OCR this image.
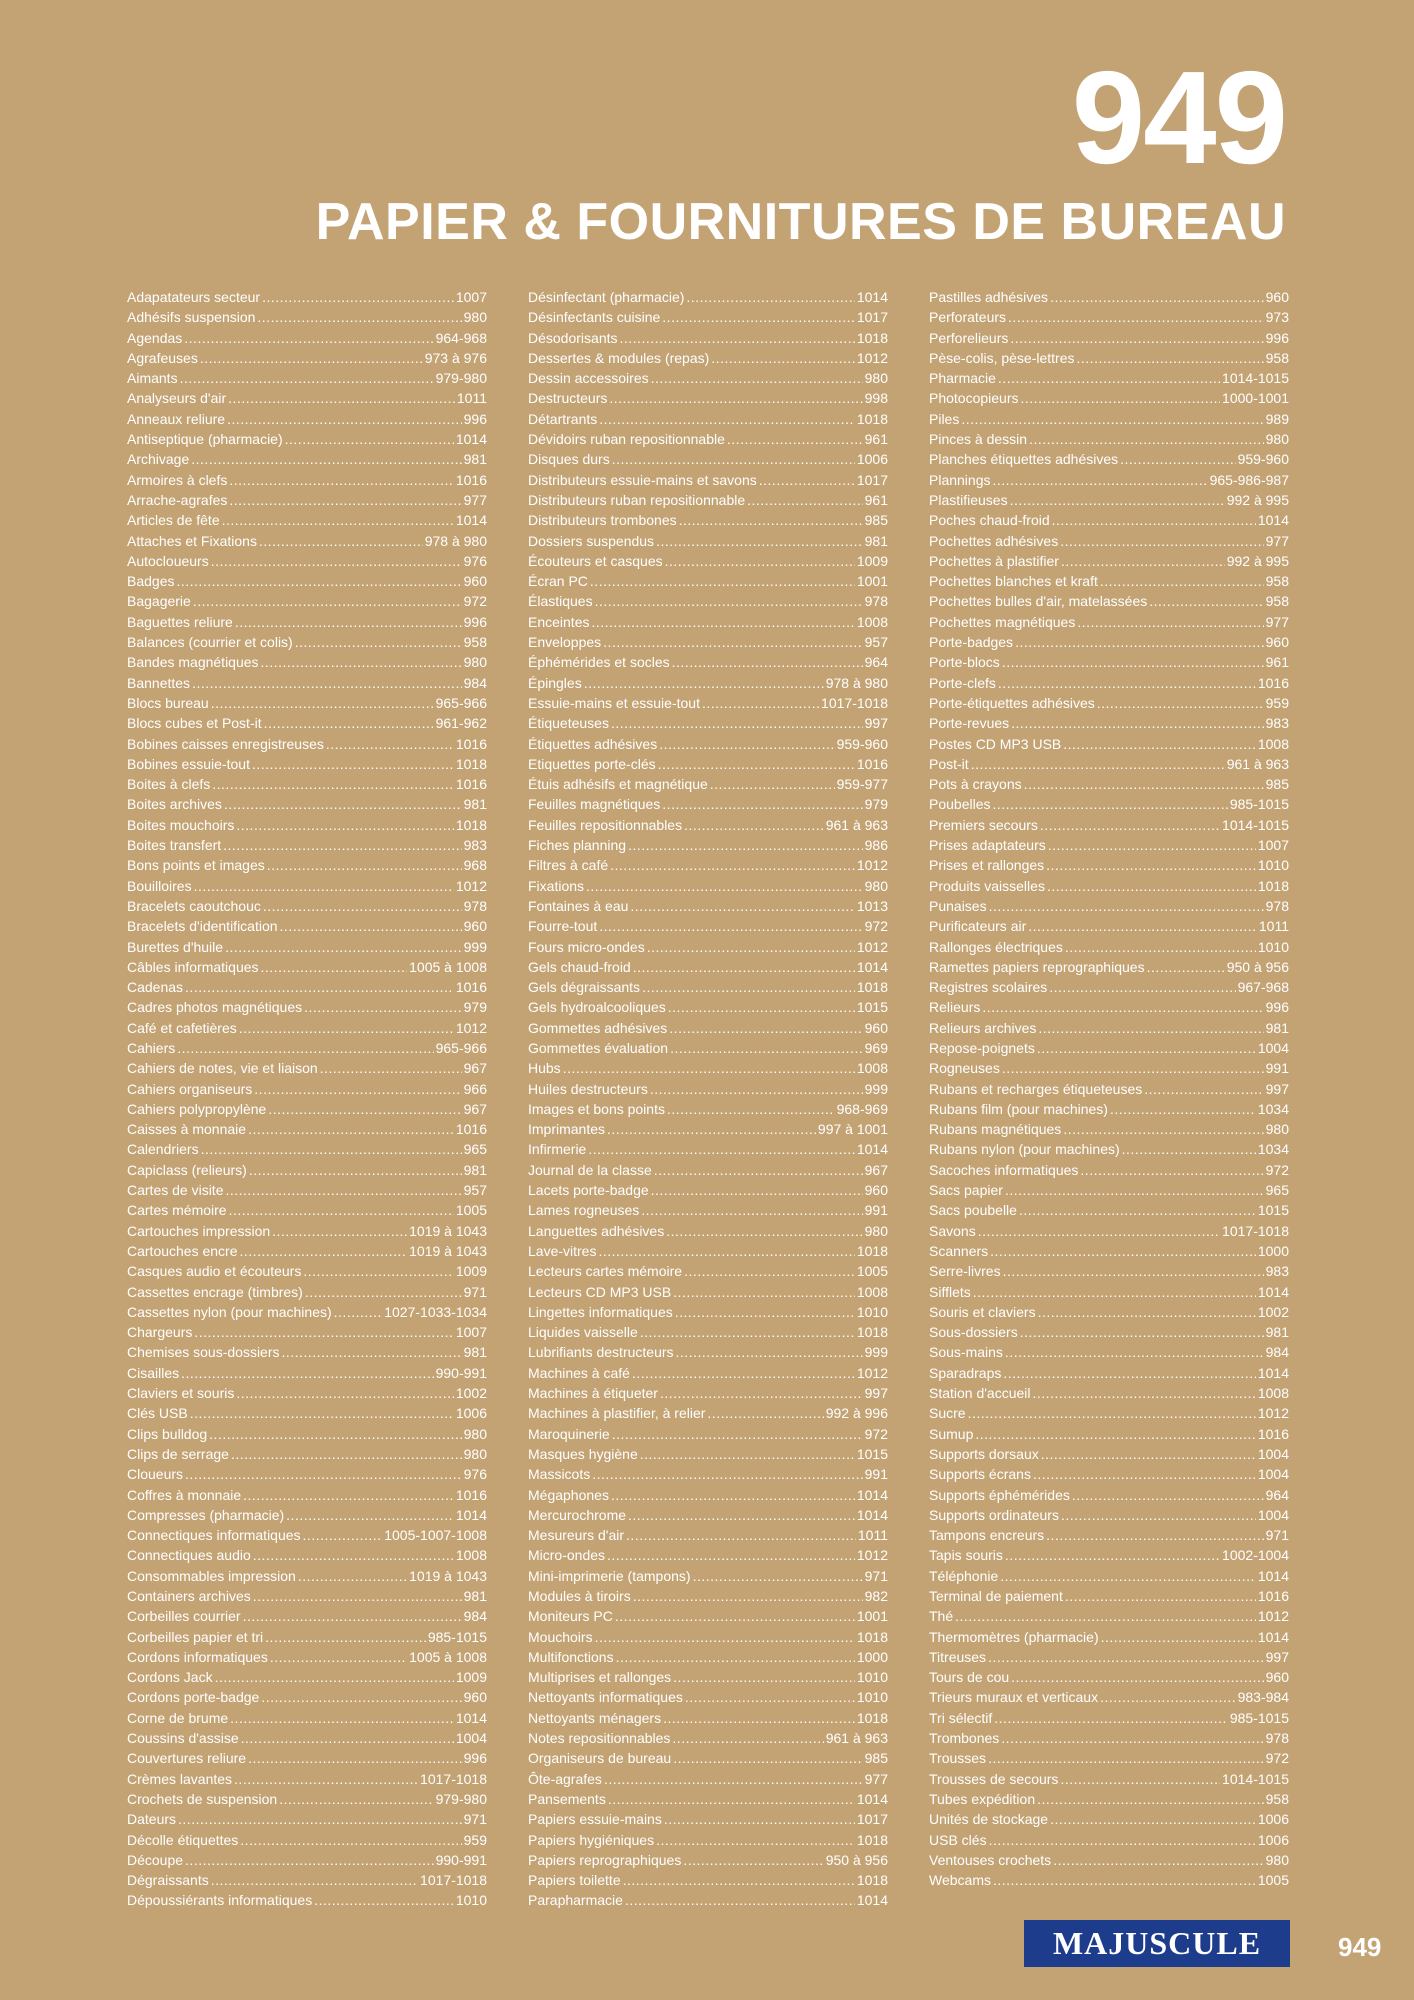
949
PAPIER & FOURNITURES DE BUREAU
Adapatateurs secteur .....	1007
Adhésifs suspension .....	980
Agendas .....	964-968
Agrafeuses .....	973 à 976
Aimants .....	979-980
Analyseurs d'air .....	1011
Anneaux reliure .....	996
Antiseptique (pharmacie) .....	1014
Archivage .....	981
Armoires à clefs .....	1016
Arrache-agrafes .....	977
Articles de fête .....	1014
Attaches et Fixations .....	978 à 980
Autocloueurs .....	976
Badges .....	960
Bagagerie .....	972
Baguettes reliure .....	996
Balances (courrier et colis) .....	958
Bandes magnétiques .....	980
Bannettes .....	984
Blocs bureau .....	965-966
Blocs cubes et Post-it .....	961-962
Bobines caisses enregistreuses .....	1016
Bobines essuie-tout .....	1018
Boites à clefs .....	1016
Boites archives .....	981
Boites mouchoirs .....	1018
Boites transfert .....	983
Bons points et images .....	968
Bouilloires .....	1012
Bracelets caoutchouc .....	978
Bracelets d'identification .....	960
Burettes d'huile .....	999
Câbles informatiques .....	1005 à 1008
Cadenas .....	1016
Cadres photos magnétiques .....	979
Café et cafetières .....	1012
Cahiers .....	965-966
Cahiers de notes, vie et liaison .....	967
Cahiers organiseurs .....	966
Cahiers polypropylène .....	967
Caisses à monnaie .....	1016
Calendriers .....	965
Capiclass (relieurs) .....	981
Cartes de visite .....	957
Cartes mémoire .....	1005
Cartouches impression .....	1019 à 1043
Cartouches encre .....	1019 à 1043
Casques audio et écouteurs .....	1009
Cassettes encrage (timbres) .....	971
Cassettes nylon (pour machines) .....	1027-1033-1034
Chargeurs .....	1007
Chemises sous-dossiers .....	981
Cisailles .....	990-991
Claviers et souris .....	1002
Clés USB .....	1006
Clips bulldog .....	980
Clips de serrage .....	980
Cloueurs .....	976
Coffres à monnaie .....	1016
Compresses (pharmacie) .....	1014
Connectiques informatiques .....	1005-1007-1008
Connectiques audio .....	1008
Consommables impression .....	1019 à 1043
Containers archives .....	981
Corbeilles courrier .....	984
Corbeilles papier et tri .....	985-1015
Cordons informatiques .....	1005 à 1008
Cordons Jack .....	1009
Cordons porte-badge .....	960
Corne de brume .....	1014
Coussins d'assise .....	1004
Couvertures reliure .....	996
Crèmes lavantes .....	1017-1018
Crochets de suspension .....	979-980
Dateurs .....	971
Décolle étiquettes .....	959
Découpe .....	990-991
Dégraissants .....	1017-1018
Dépoussiérants informatiques .....	1010
Désinfectant (pharmacie) .....	1014
Désinfectants cuisine .....	1017
Désodorisants .....	1018
Dessertes & modules (repas) .....	1012
Dessin accessoires .....	980
Destructeurs .....	998
Détartrants .....	1018
Dévidoirs ruban repositionnable .....	961
Disques durs .....	1006
Distributeurs essuie-mains et savons .....	1017
Distributeurs ruban repositionnable .....	961
Distributeurs trombones .....	985
Dossiers suspendus .....	981
Écouteurs et casques .....	1009
Écran PC .....	1001
Élastiques .....	978
Enceintes .....	1008
Enveloppes .....	957
Éphémérides et socles .....	964
Épingles .....	978 à 980
Essuie-mains et essuie-tout .....	1017-1018
Étiqueteuses .....	997
Étiquettes adhésives .....	959-960
Etiquettes porte-clés .....	1016
Étuis adhésifs et magnétique .....	959-977
Feuilles magnétiques .....	979
Feuilles repositionnables .....	961 à 963
Fiches planning .....	986
Filtres à café .....	1012
Fixations .....	980
Fontaines à eau .....	1013
Fourre-tout .....	972
Fours micro-ondes .....	1012
Gels chaud-froid .....	1014
Gels dégraissants .....	1018
Gels hydroalcooliques .....	1015
Gommettes adhésives .....	960
Gommettes évaluation .....	969
Hubs .....	1008
Huiles destructeurs .....	999
Images et bons points .....	968-969
Imprimantes .....	997 à 1001
Infirmerie .....	1014
Journal de la classe .....	967
Lacets porte-badge .....	960
Lames rogneuses .....	991
Languettes adhésives .....	980
Lave-vitres .....	1018
Lecteurs cartes mémoire .....	1005
Lecteurs CD MP3 USB .....	1008
Lingettes informatiques .....	1010
Liquides vaisselle .....	1018
Lubrifiants destructeurs .....	999
Machines à café .....	1012
Machines à étiqueter .....	997
Machines à plastifier, à relier .....	992 à 996
Maroquinerie .....	972
Masques hygiène .....	1015
Massicots .....	991
Mégaphones .....	1014
Mercurochrome .....	1014
Mesureurs d'air .....	1011
Micro-ondes .....	1012
Mini-imprimerie (tampons) .....	971
Modules à tiroirs .....	982
Moniteurs PC .....	1001
Mouchoirs .....	1018
Multifonctions .....	1000
Multiprises et rallonges .....	1010
Nettoyants informatiques .....	1010
Nettoyants ménagers .....	1018
Notes repositionnables .....	961 à 963
Organiseurs de bureau .....	985
Ôte-agrafes .....	977
Pansements .....	1014
Papiers essuie-mains .....	1017
Papiers hygiéniques .....	1018
Papiers reprographiques .....	950 à 956
Papiers toilette .....	1018
Parapharmacie .....	1014
Pastilles adhésives .....	960
Perforateurs .....	973
Perforelieurs .....	996
Pèse-colis, pèse-lettres .....	958
Pharmacie .....	1014-1015
Photocopieurs .....	1000-1001
Piles .....	989
Pinces à dessin .....	980
Planches étiquettes adhésives .....	959-960
Plannings .....	965-986-987
Plastifieuses .....	992 à 995
Poches chaud-froid .....	1014
Pochettes adhésives .....	977
Pochettes à plastifier .....	992 à 995
Pochettes blanches et kraft .....	958
Pochettes bulles d'air, matelassées .....	958
Pochettes magnétiques .....	977
Porte-badges .....	960
Porte-blocs .....	961
Porte-clefs .....	1016
Porte-étiquettes adhésives .....	959
Porte-revues .....	983
Postes CD MP3 USB .....	1008
Post-it .....	961 à 963
Pots à crayons .....	985
Poubelles .....	985-1015
Premiers secours .....	1014-1015
Prises adaptateurs .....	1007
Prises et rallonges .....	1010
Produits vaisselles .....	1018
Punaises .....	978
Purificateurs air .....	1011
Rallonges électriques .....	1010
Ramettes papiers reprographiques .....	950 à 956
Registres scolaires .....	967-968
Relieurs .....	996
Relieurs archives .....	981
Repose-poignets .....	1004
Rogneuses .....	991
Rubans et recharges étiqueteuses .....	997
Rubans film (pour machines) .....	1034
Rubans magnétiques .....	980
Rubans nylon (pour machines) .....	1034
Sacoches informatiques .....	972
Sacs papier .....	965
Sacs poubelle .....	1015
Savons .....	1017-1018
Scanners .....	1000
Serre-livres .....	983
Sifflets .....	1014
Souris et claviers .....	1002
Sous-dossiers .....	981
Sous-mains .....	984
Sparadraps .....	1014
Station d'accueil .....	1008
Sucre .....	1012
Sumup .....	1016
Supports dorsaux .....	1004
Supports écrans .....	1004
Supports éphémérides .....	964
Supports ordinateurs .....	1004
Tampons encreurs .....	971
Tapis souris .....	1002-1004
Téléphonie .....	1014
Terminal de paiement .....	1016
Thé .....	1012
Thermomètres (pharmacie) .....	1014
Titreuses .....	997
Tours de cou .....	960
Trieurs muraux et verticaux .....	983-984
Tri sélectif .....	985-1015
Trombones .....	978
Trousses .....	972
Trousses de secours .....	1014-1015
Tubes expédition .....	958
Unités de stockage .....	1006
USB clés .....	1006
Ventouses crochets .....	980
Webcams .....	1005
MAJUSCULE	949
